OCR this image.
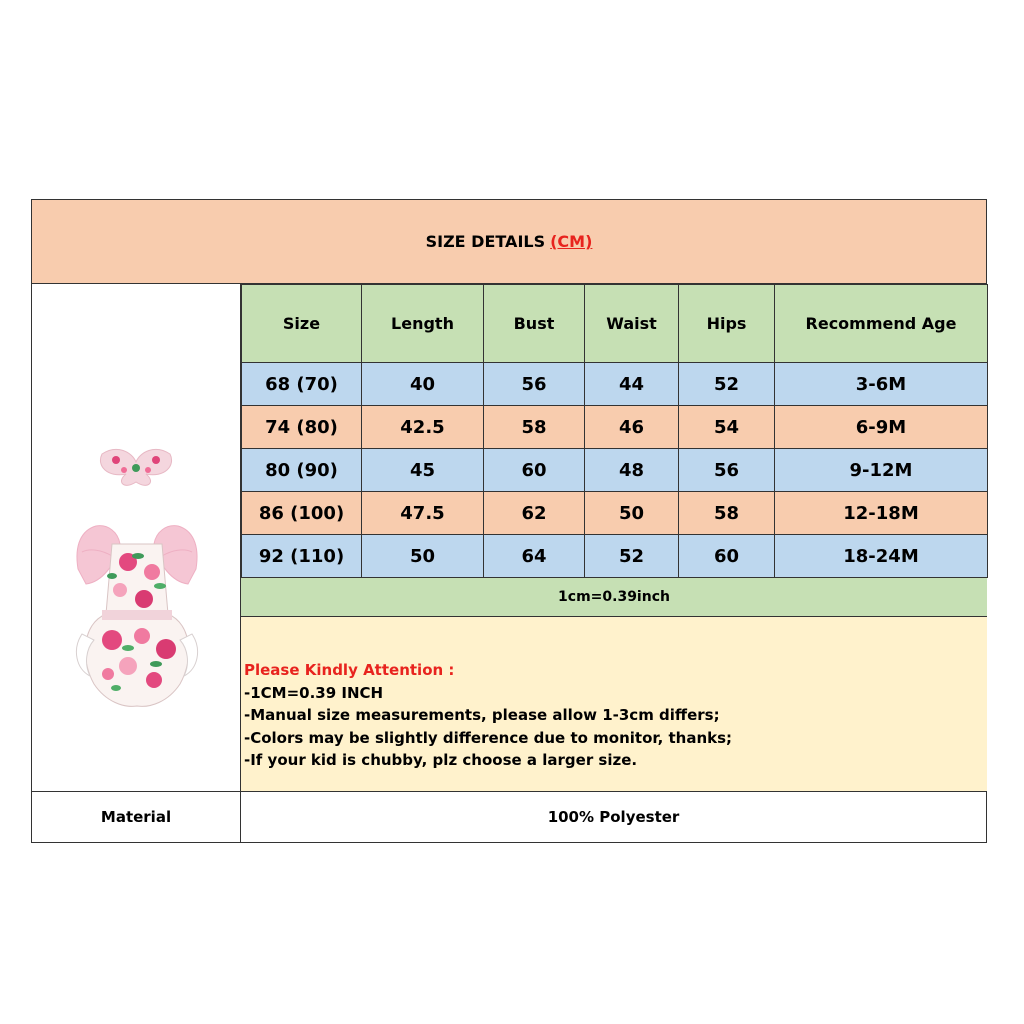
SIZE DETAILS (CM)
Size	Length	Bust	Waist	Hips	Recommend Age
68 (70)	40	56	44	52	3-6M
74 (80)	42.5	58	46	54	6-9M
80 (90)	45	60	48	56	9-12M
86 (100)	47.5	62	50	58	12-18M
92 (110)	50	64	52	60	18-24M
1cm=0.39inch
Please Kindly Attention :
-1CM=0.39 INCH
-Manual size measurements, please allow 1-3cm differs;
-Colors may be slightly difference due to monitor, thanks;
-If your kid is chubby, plz choose a larger size.
Material	100% Polyester
